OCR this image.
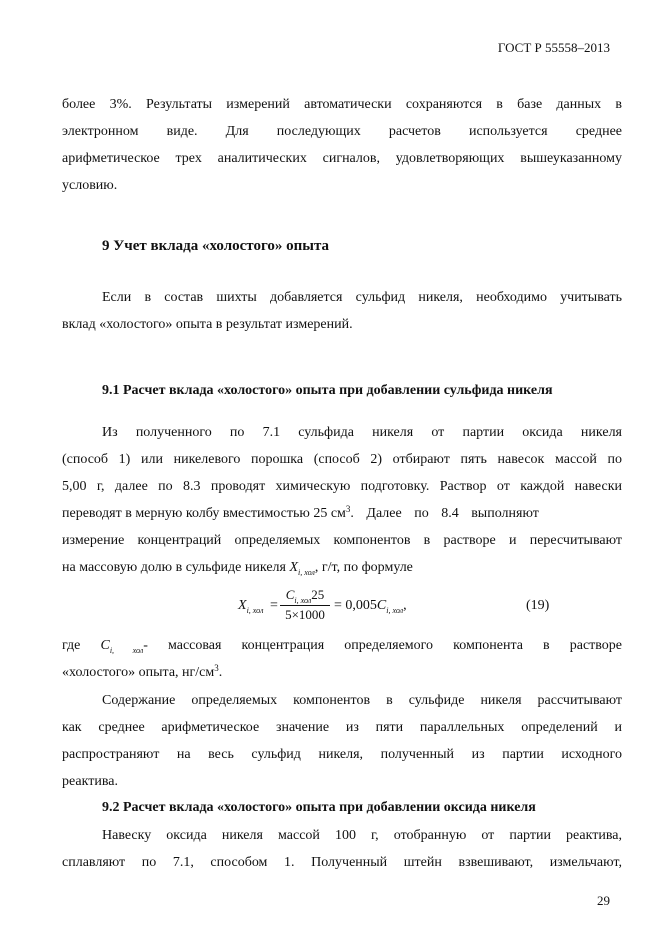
ГОСТ Р 55558–2013
более 3%. Результаты измерений автоматически сохраняются в базе данных в
электронном виде. Для последующих расчетов используется среднее
арифметическое трех аналитических сигналов, удовлетворяющих вышеуказанному
условию.
9 Учет вклада «холостого» опыта
Если в состав шихты добавляется сульфид никеля, необходимо учитывать
вклад «холостого» опыта в результат измерений.
9.1 Расчет вклада «холостого» опыта при добавлении сульфида никеля
Из полученного по 7.1 сульфида никеля от партии оксида никеля
(способ 1) или никелевого порошка (способ 2) отбирают пять навесок массой по
5,00 г, далее по 8.3 проводят химическую подготовку. Раствор от каждой навески
переводят в мерную колбу вместимостью 25 $см^3$. Далее по 8.4 выполняют
измерение концентраций определяемых компонентов в растворе и пересчитывают
на массовую долю в сульфиде никеля $X_{i, хол}$, г/т, по формуле
$X_{i, хол}$ =
$C_{i, хол}25$
5×1000
= $0,005C_{i, хол}$,	(19)
где $C_{i, хол}-$ массовая концентрация определяемого компонента в растворе
«холостого» опыта, $нг/см^3$.
Содержание определяемых компонентов в сульфиде никеля рассчитывают
как среднее арифметическое значение из пяти параллельных определений и
распространяют на весь сульфид никеля, полученный из партии исходного
реактива.
9.2 Расчет вклада «холостого» опыта при добавлении оксида никеля
Навеску оксида никеля массой 100 г, отобранную от партии реактива,
сплавляют по 7.1, способом 1. Полученный штейн взвешивают, измельчают,
29
